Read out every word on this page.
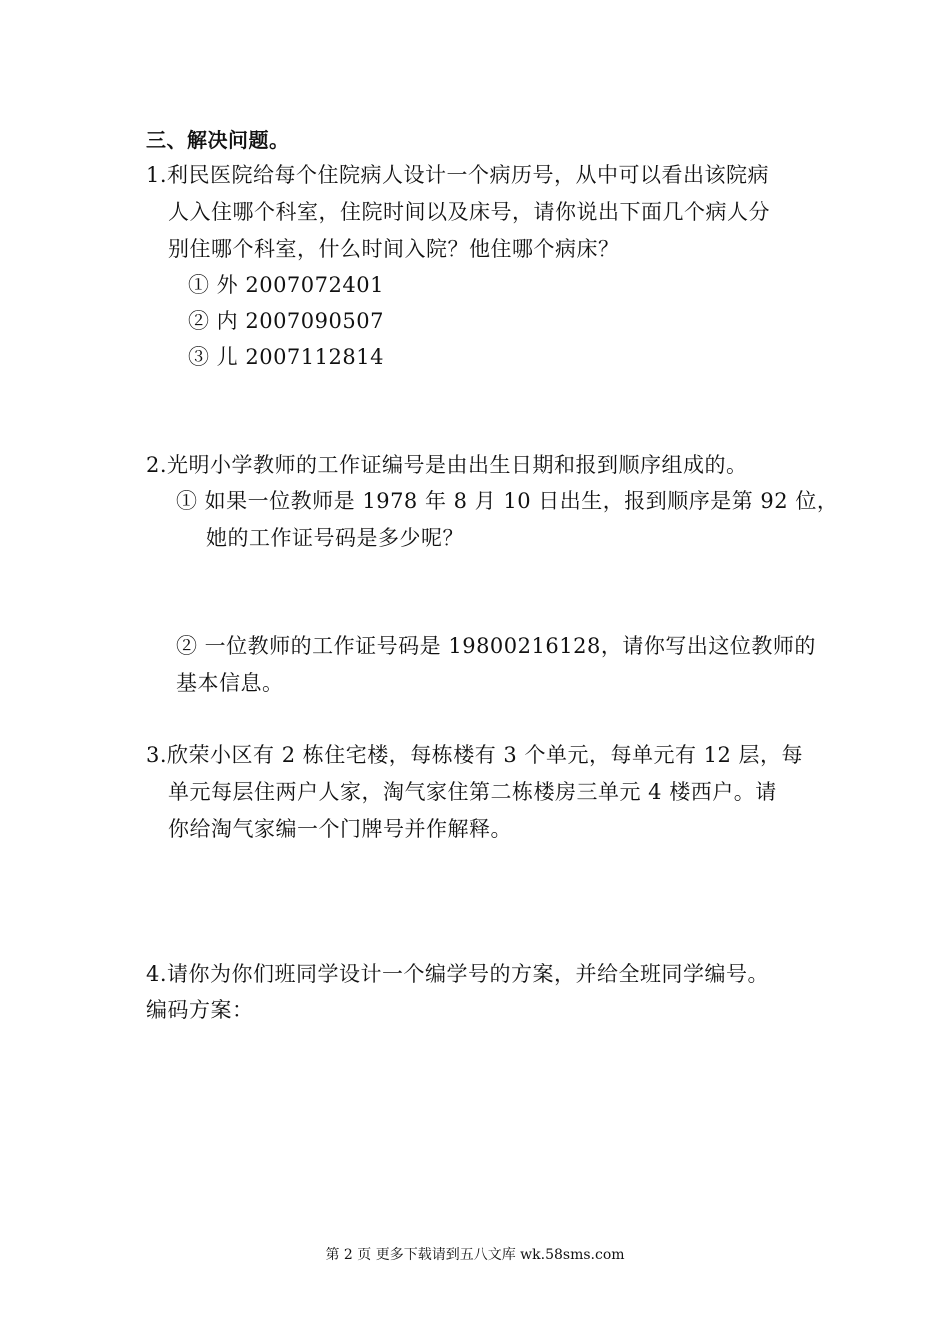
三、解决问题。
1.利民医院给每个住院病人设计一个病历号，从中可以看出该院病
人入住哪个科室，住院时间以及床号，请你说出下面几个病人分
别住哪个科室，什么时间入院？他住哪个病床？
① 外 2007072401
② 内 2007090507
③ 儿 2007112814
2.光明小学教师的工作证编号是由出生日期和报到顺序组成的。
① 如果一位教师是 1978 年 8 月 10 日出生，报到顺序是第 92 位，
她的工作证号码是多少呢？
② 一位教师的工作证号码是 19800216128，请你写出这位教师的
基本信息。
3.欣荣小区有 2 栋住宅楼，每栋楼有 3 个单元，每单元有 12 层，每
单元每层住两户人家，淘气家住第二栋楼房三单元 4 楼西户。请
你给淘气家编一个门牌号并作解释。
4.请你为你们班同学设计一个编学号的方案，并给全班同学编号。
编码方案：
第 2 页 更多下载请到五八文库 wk.58sms.com
